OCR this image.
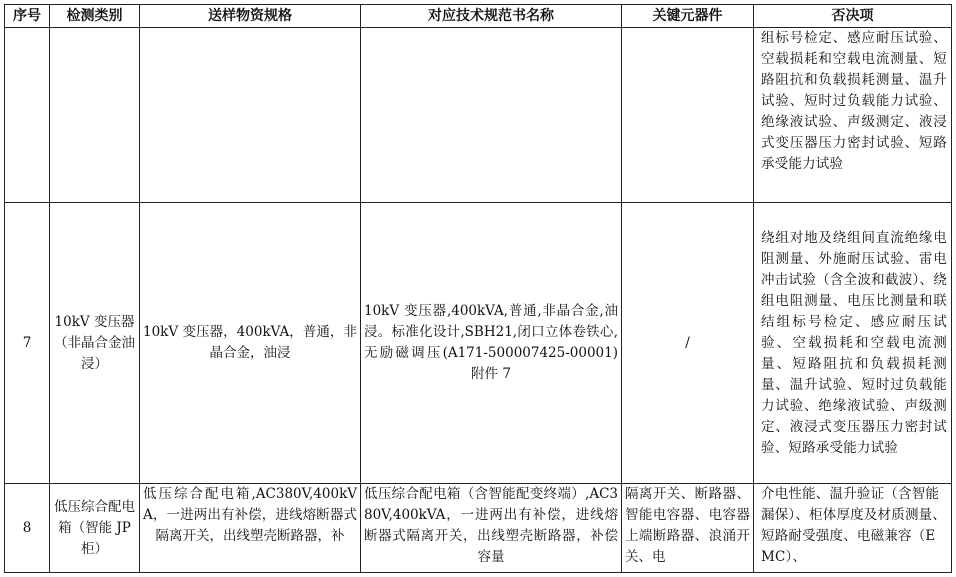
序号	检测类别	送样物资规格	对应技术规范书名称	关键元器件	否决项
					组标号检定、感应耐压试验、空载损耗和空载电流测量、短路阻抗和负载损耗测量、温升试验、短时过负载能力试验、绝缘液试验、声级测定、液浸式变压器压力密封试验、短路承受能力试验
7	10kV 变压器（非晶合金油浸）	10kV 变压器，400kVA，普通，非晶合金，油浸	10kV 变压器,400kVA,普通,非晶合金,油浸。标准化设计,SBH21,闭口立体卷铁心,无励磁调压(A171-500007425-00001)附件 7	/	绕组对地及绕组间直流绝缘电阻测量、外施耐压试验、雷电冲击试验（含全波和截波）、绕组电阻测量、电压比测量和联结组标号检定、感应耐压试验、空载损耗和空载电流测量、短路阻抗和负载损耗测量、温升试验、短时过负载能力试验、绝缘液试验、声级测定、液浸式变压器压力密封试验、短路承受能力试验
8	低压综合配电箱（智能 JP 柜）	低压综合配电箱,AC380V,400kVA，一进两出有补偿，进线熔断器式隔离开关，出线塑壳断路器，补	低压综合配电箱（含智能配变终端）,AC380V,400kVA，一进两出有补偿，进线熔断器式隔离开关，出线塑壳断路器，补偿容量	隔离开关、断路器、智能电容器、电容器上端断路器、浪涌开关、电	介电性能、温升验证（含智能漏保）、柜体厚度及材质测量、短路耐受强度、电磁兼容（EMC）、
